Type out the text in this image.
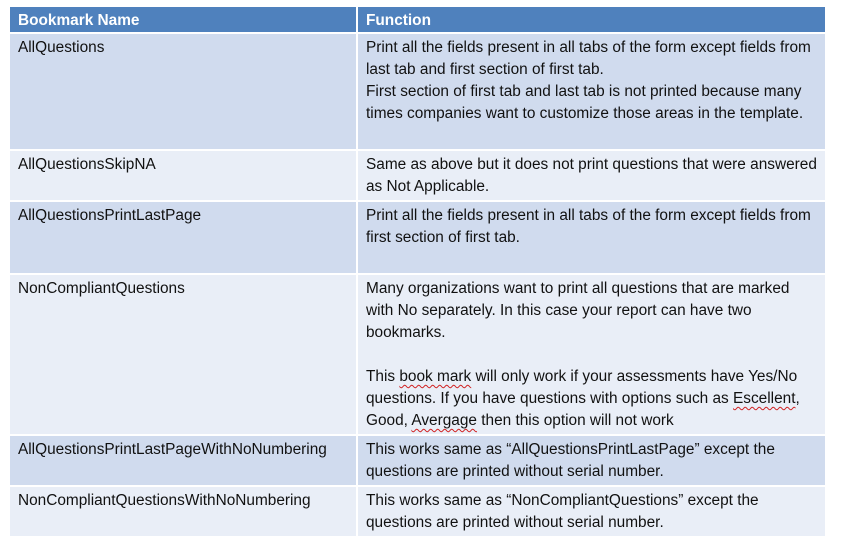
Bookmark Name	Function
AllQuestions	Print all the fields present in all tabs of the form except fields from last tab and first section of first tab.
First section of first tab and last tab is not printed because many times companies want to customize those areas in the template.
AllQuestionsSkipNA	Same as above but it does not print questions that were answered as Not Applicable.
AllQuestionsPrintLastPage	Print all the fields present in all tabs of the form except fields from first section of first tab.
NonCompliantQuestions	Many organizations want to print all questions that are marked with No separately. In this case your report can have two bookmarks.
This book mark will only work if your assessments have Yes/No questions. If you have questions with options such as Escellent, Good, Avergage then this option will not work
AllQuestionsPrintLastPageWithNoNumbering	This works same as “AllQuestionsPrintLastPage” except the questions are printed without serial number.
NonCompliantQuestionsWithNoNumbering	This works same as “NonCompliantQuestions” except the questions are printed without serial number.
